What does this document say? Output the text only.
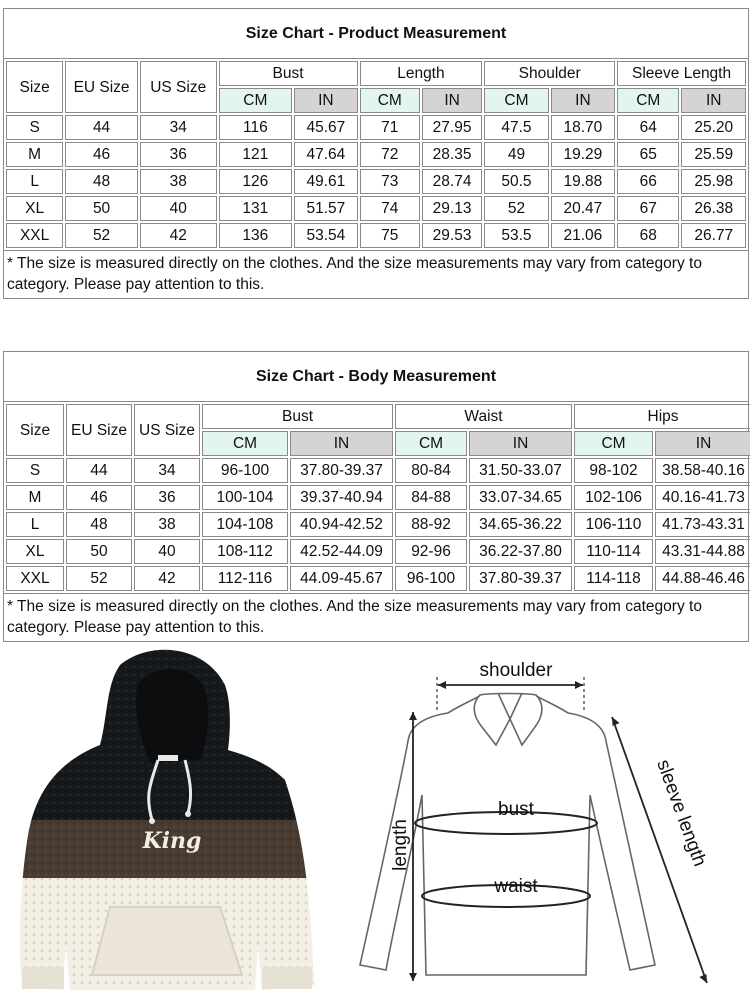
Size Chart - Product Measurement
Size	EU Size	US Size	Bust		Length		Shoulder		Sleeve Length	
			CM	IN	CM	IN	CM	IN	CM	IN
S	44	34	116	45.67	71	27.95	47.5	18.70	64	25.20
M	46	36	121	47.64	72	28.35	49	19.29	65	25.59
L	48	38	126	49.61	73	28.74	50.5	19.88	66	25.98
XL	50	40	131	51.57	74	29.13	52	20.47	67	26.38
XXL	52	42	136	53.54	75	29.53	53.5	21.06	68	26.77
* The size is measured directly on the clothes. And the size measurements may vary from category to category. Please pay attention to this.
Size Chart - Body Measurement
Size	EU Size	US Size	Bust		Waist		Hips	
			CM	IN	CM	IN	CM	IN
S	44	34	96-100	37.80-39.37	80-84	31.50-33.07	98-102	38.58-40.16
M	46	36	100-104	39.37-40.94	84-88	33.07-34.65	102-106	40.16-41.73
L	48	38	104-108	40.94-42.52	88-92	34.65-36.22	106-110	41.73-43.31
XL	50	40	108-112	42.52-44.09	92-96	36.22-37.80	110-114	43.31-44.88
XXL	52	42	112-116	44.09-45.67	96-100	37.80-39.37	114-118	44.88-46.46
* The size is measured directly on the clothes. And the size measurements may vary from category to category. Please pay attention to this.
King
shoulder
bust
waist
length	sleeve length
